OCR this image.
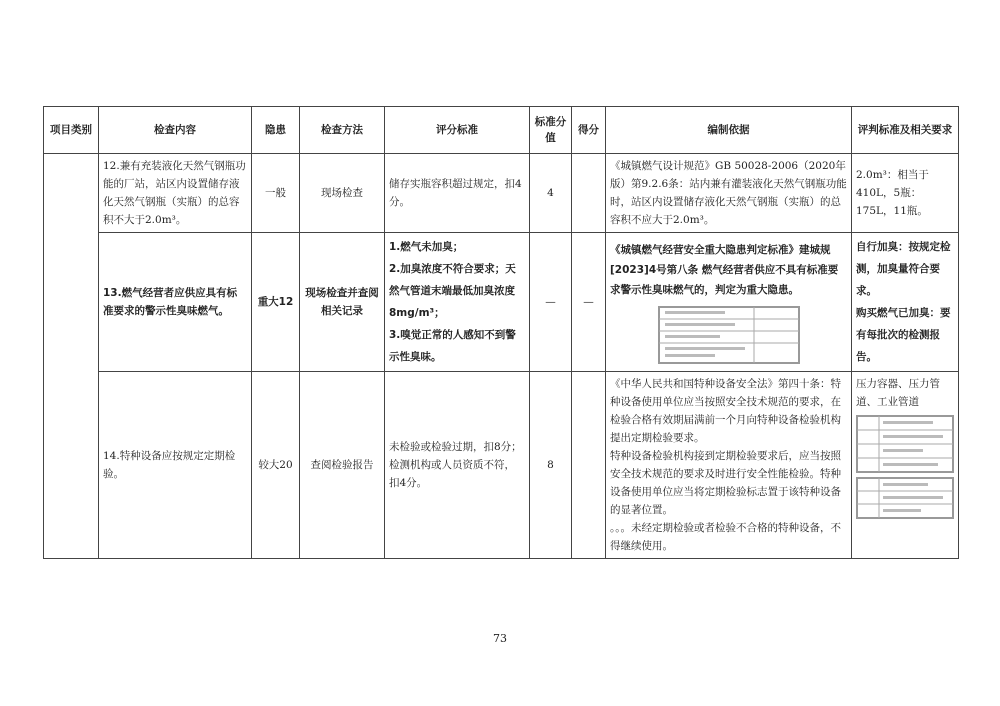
项目类别	检查内容	隐患	检查方法	评分标准	标准分值	得分	编制依据	评判标准及相关要求
	12.兼有充装液化天然气钢瓶功能的厂站，站区内设置储存液化天然气钢瓶（实瓶）的总容积不大于2.0m³。	一般	现场检查	储存实瓶容积超过规定，扣4分。	4		《城镇燃气设计规范》GB 50028-2006（2020年版）第9.2.6条：站内兼有灌装液化天然气钢瓶功能时，站区内设置储存液化天然气钢瓶（实瓶）的总容积不应大于2.0m³。	2.0m³：相当于410L，5瓶：175L，11瓶。
	13.燃气经营者应供应具有标准要求的警示性臭味燃气。	重大12	现场检查并查阅相关记录	1.燃气未加臭；
2.加臭浓度不符合要求；天然气管道末端最低加臭浓度8mg/m³；
3.嗅觉正常的人感知不到警示性臭味。	—	—	《城镇燃气经营安全重大隐患判定标准》建城规[2023]4号第八条 燃气经营者供应不具有标准要求警示性臭味燃气的，判定为重大隐患。	自行加臭：按规定检测，加臭量符合要求。
购买燃气已加臭：要有每批次的检测报告。

	14.特种设备应按规定定期检验。	较大20	查阅检验报告	未检验或检验过期，扣8分；检测机构或人员资质不符，扣4分。	8		《中华人民共和国特种设备安全法》第四十条：特种设备使用单位应当按照安全技术规范的要求，在检验合格有效期届满前一个月向特种设备检验机构提出定期检验要求。
特种设备检验机构接到定期检验要求后，应当按照安全技术规范的要求及时进行安全性能检验。特种设备使用单位应当将定期检验标志置于该特种设备的显著位置。
。。。未经定期检验或者检验不合格的特种设备，不得继续使用。	压力容器、压力管道、工业管道
73
